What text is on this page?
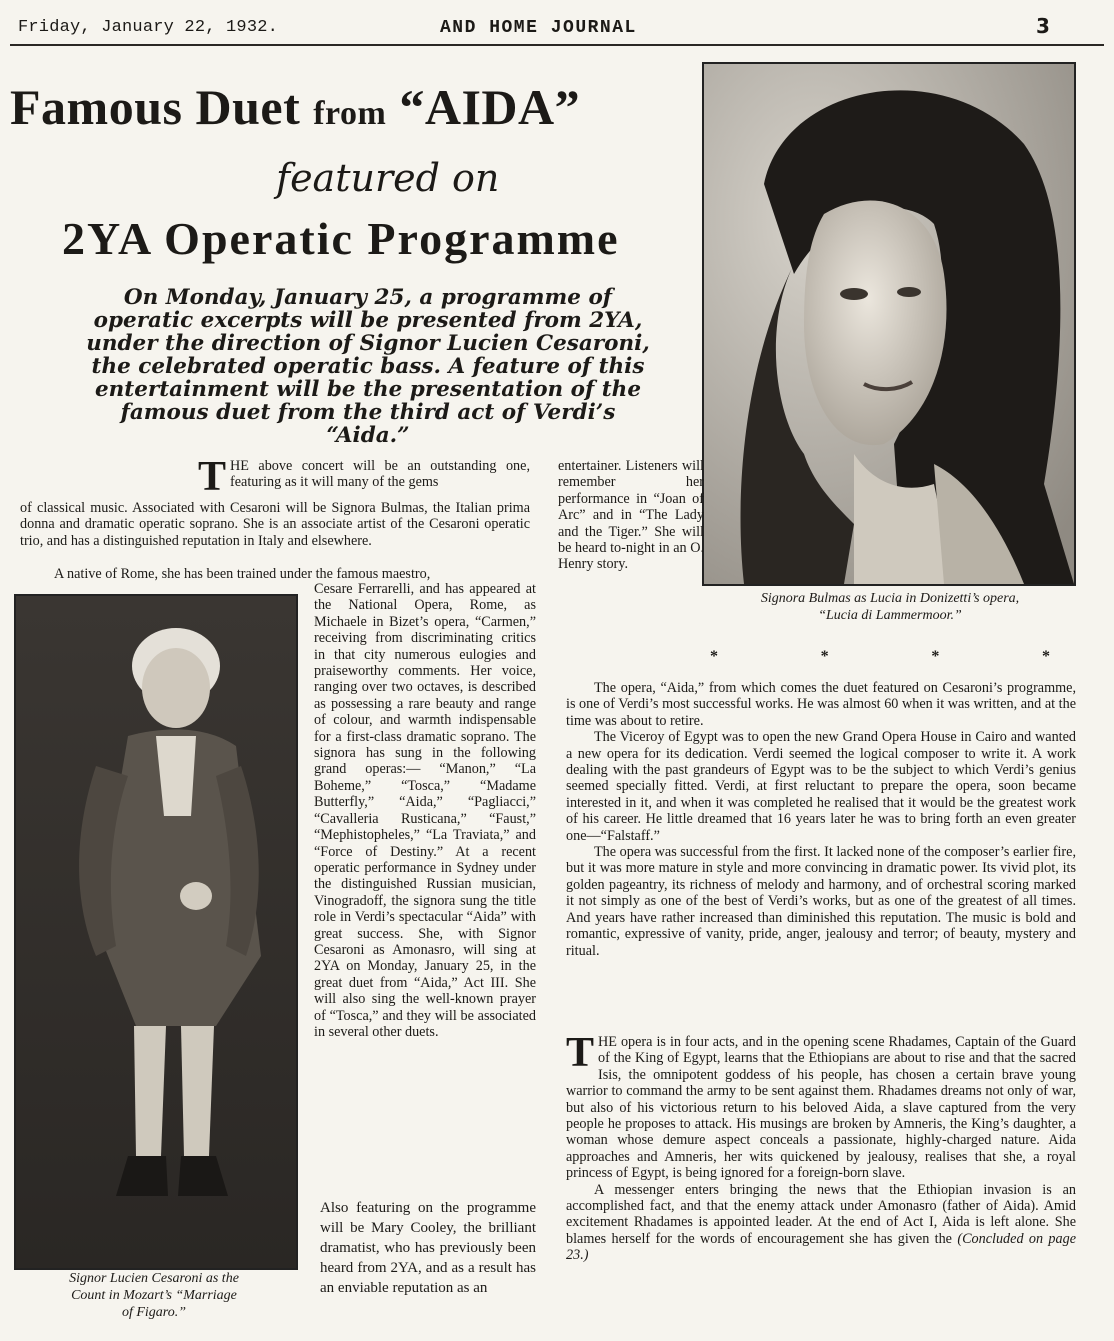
Friday, January 22, 1932.	AND HOME JOURNAL	3
Famous Duet from “AIDA”
featured on
2YA Operatic Programme
On Monday, January 25, a programme of operatic excerpts will be presented from 2YA, under the direction of Signor Lucien Cesaroni, the celebrated operatic bass. A feature of this entertainment will be the presentation of the famous duet from the third act of Verdi’s “Aida.”
Signora Bulmas as Lucia in Donizetti’s opera,
“Lucia di Lammermoor.”
Signor Lucien Cesaroni as the
Count in Mozart’s “Marriage
of Figaro.”
THE above concert will be an outstanding one, featuring as it will many of the gems
of classical music. Associated with Cesaroni will be Signora Bulmas, the Italian prima donna and dramatic operatic soprano. She is an associate artist of the Cesaroni operatic trio, and has a distinguished reputation in Italy and elsewhere.
A native of Rome, she has been trained under the famous maestro,
Cesare Ferrarelli, and has appeared at the National Opera, Rome, as Michaele in Bizet’s opera, “Carmen,” receiving from discriminating critics in that city numerous eulogies and praiseworthy comments. Her voice, ranging over two octaves, is described as possessing a rare beauty and range of colour, and warmth indispensable for a first-class dramatic soprano. The signora has sung in the following grand operas:— “Manon,” “La Boheme,” “Tosca,” “Madame Butterfly,” “Aida,” “Pagliacci,” “Cavalleria Rusticana,” “Faust,” “Mephistopheles,” “La Traviata,” and “Force of Destiny.” At a recent operatic performance in Sydney under the distinguished Russian musician, Vinogradoff, the signora sung the title role in Verdi’s spectacular “Aida” with great success. She, with Signor Cesaroni as Amonasro, will sing at 2YA on Monday, January 25, in the great duet from “Aida,” Act III. She will also sing the well-known prayer of “Tosca,” and they will be associated in several other duets.
Also featuring on the programme will be Mary Cooley, the brilliant dramatist, who has previously been heard from 2YA, and as a result has an enviable reputation as an
entertainer. Listeners will remember her performance in “Joan of Arc” and in “The Lady and the Tiger.” She will be heard to-night in an O. Henry story.
*	*	*	*

The opera, “Aida,” from which comes the duet featured on Cesaroni’s programme, is one of Verdi’s most successful works. He was almost 60 when it was written, and at the time was about to retire.

The Viceroy of Egypt was to open the new Grand Opera House in Cairo and wanted a new opera for its dedication. Verdi seemed the logical composer to write it. A work dealing with the past grandeurs of Egypt was to be the subject to which Verdi’s genius seemed specially fitted. Verdi, at first reluctant to prepare the opera, soon became interested in it, and when it was completed he realised that it would be the greatest work of his career. He little dreamed that 16 years later he was to bring forth an even greater one—“Falstaff.”

The opera was successful from the first. It lacked none of the composer’s earlier fire, but it was more mature in style and more convincing in dramatic power. Its vivid plot, its golden pageantry, its richness of melody and harmony, and of orchestral scoring marked it not simply as one of the best of Verdi’s works, but as one of the greatest of all times. And years have rather increased than diminished this reputation. The music is bold and romantic, expressive of vanity, pride, anger, jealousy and terror; of beauty, mystery and ritual.

THE opera is in four acts, and in the opening scene Rhadames, Captain of the Guard of the King of Egypt, learns that the Ethiopians are about to rise and that the sacred Isis, the omnipotent goddess of his people, has chosen a certain brave young warrior to command the army to be sent against them. Rhadames dreams not only of war, but also of his victorious return to his beloved Aida, a slave captured from the very people he proposes to attack. His musings are broken by Amneris, the King’s daughter, a woman whose demure aspect conceals a passionate, highly-charged nature. Aida approaches and Amneris, her wits quickened by jealousy, realises that she, a royal princess of Egypt, is being ignored for a foreign-born slave.

A messenger enters bringing the news that the Ethiopian invasion is an accomplished fact, and that the enemy attack under Amonasro (father of Aida). Amid excitement Rhadames is appointed leader. At the end of Act I, Aida is left alone. She blames herself for the words of encouragement she has given the (Concluded on page 23.)
